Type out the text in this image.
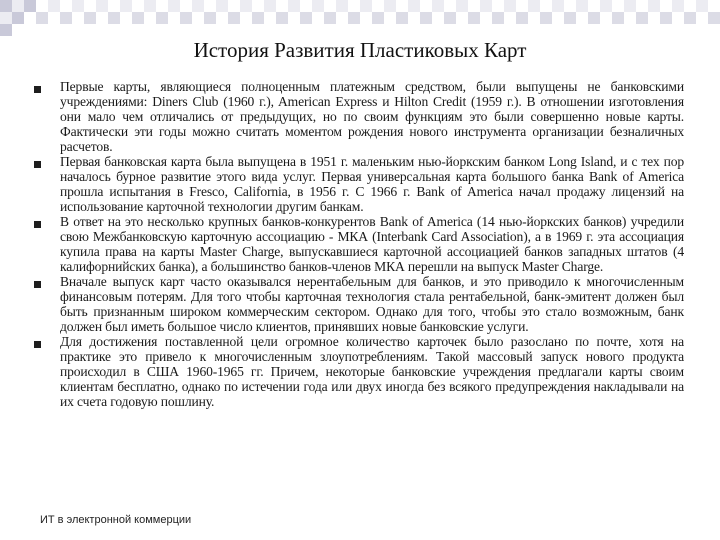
История Развития Пластиковых Карт

Первые карты, являющиеся полноценным платежным средством, были выпущены не банковскими учреждениями: Diners Club (1960 г.), American Express и Hilton Credit (1959 г.). В отношении изготовления они мало чем отличались от предыдущих, но по своим функциям это были совершенно новые карты. Фактически эти годы можно считать моментом рождения нового инструмента организации безналичных расчетов.

Первая банковская карта была выпущена в 1951 г. маленьким нью-йоркским банком Long Island, и с тех пор началось бурное развитие этого вида услуг. Первая универсальная карта большого банка Bank of America прошла испытания в Fresco, California, в 1956 г. С 1966 г. Bank of America начал продажу лицензий на использование карточной технологии другим банкам.

В ответ на это несколько крупных банков-конкурентов Bank of America (14 нью-йоркских банков) учредили свою Межбанковскую карточную ассоциацию - МКА (Interbank Card Association), а в 1969 г. эта ассоциация купила права на карты Master Charge, выпускавшиеся карточной ассоциацией банков западных штатов (4 калифорнийских банка), а большинство банков-членов МКА перешли на выпуск Master Charge.

Вначале выпуск карт часто оказывался нерентабельным для банков, и это приводило к многочисленным финансовым потерям. Для того чтобы карточная технология стала рентабельной, банк-эмитент должен был быть признанным широком коммерческим сектором. Однако для того, чтобы это стало возможным, банк должен был иметь большое число клиентов, принявших новые банковские услуги.

Для достижения поставленной цели огромное количество карточек было разослано по почте, хотя на практике это привело к многочисленным злоупотреблениям. Такой массовый запуск нового продукта происходил в США 1960-1965 гг. Причем, некоторые банковские учреждения предлагали карты своим клиентам бесплатно, однако по истечении года или двух иногда без всякого предупреждения накладывали на их счета годовую пошлину.

ИТ в электронной коммерции
